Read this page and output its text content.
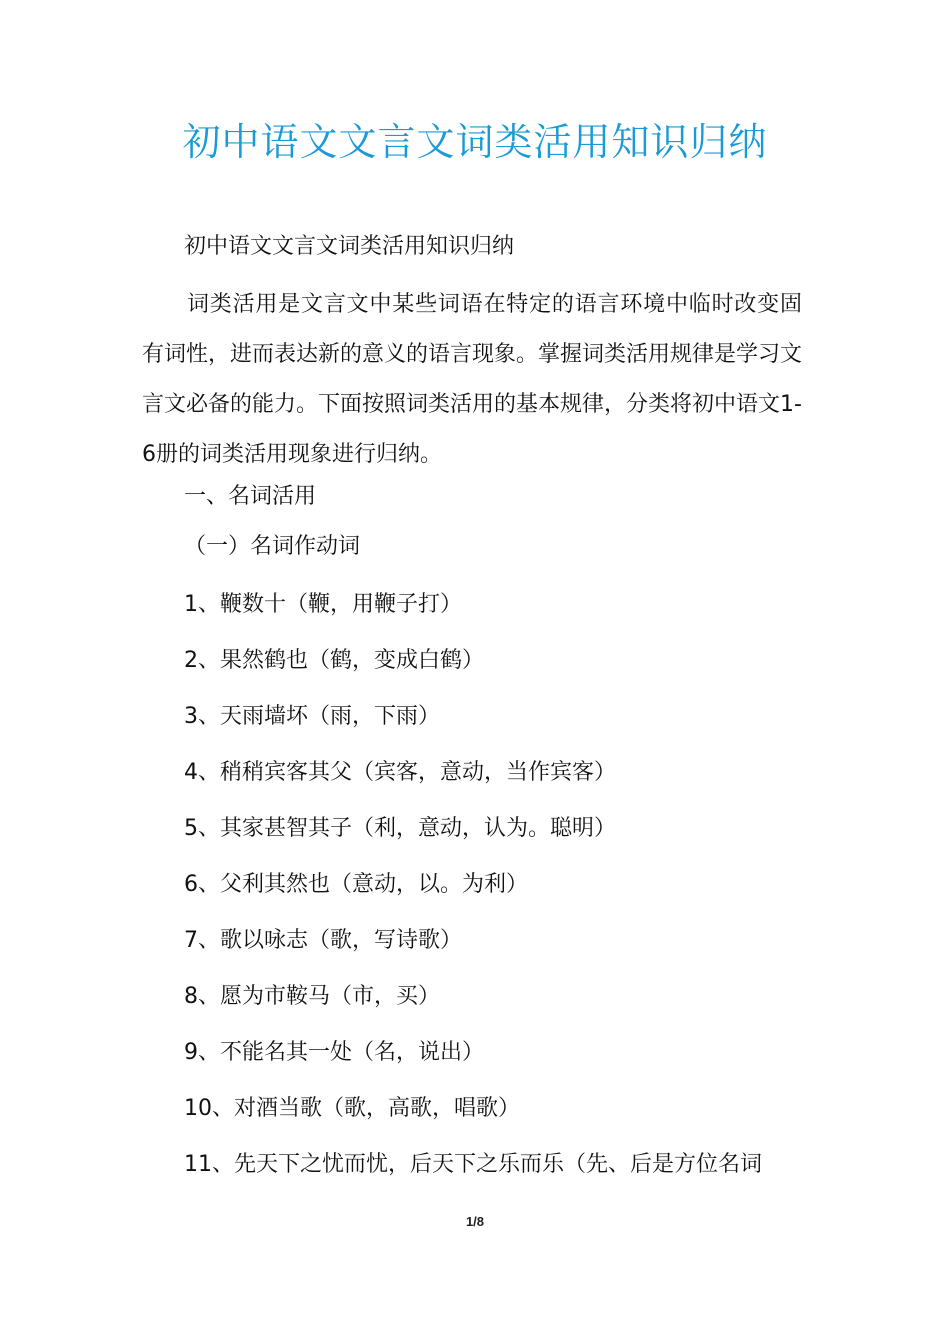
初中语文文言文词类活用知识归纳

初中语文文言文词类活用知识归纳

词类活用是文言文中某些词语在特定的语言环境中临时改变固有词性，进而表达新的意义的语言现象。掌握词类活用规律是学习文言文必备的能力。下面按照词类活用的基本规律，分类将初中语文1-6册的词类活用现象进行归纳。

一、名词活用

（一）名词作动词

1、鞭数十（鞭，用鞭子打）

2、果然鹤也（鹤，变成白鹤）

3、天雨墙坏（雨，下雨）

4、稍稍宾客其父（宾客，意动，当作宾客）

5、其家甚智其子（利，意动，认为。聪明）

6、父利其然也（意动，以。为利）

7、歌以咏志（歌，写诗歌）

8、愿为市鞍马（市，买）

9、不能名其一处（名，说出）

10、对酒当歌（歌，高歌，唱歌）

11、先天下之忧而忧，后天下之乐而乐（先、后是方位名词

1/8
